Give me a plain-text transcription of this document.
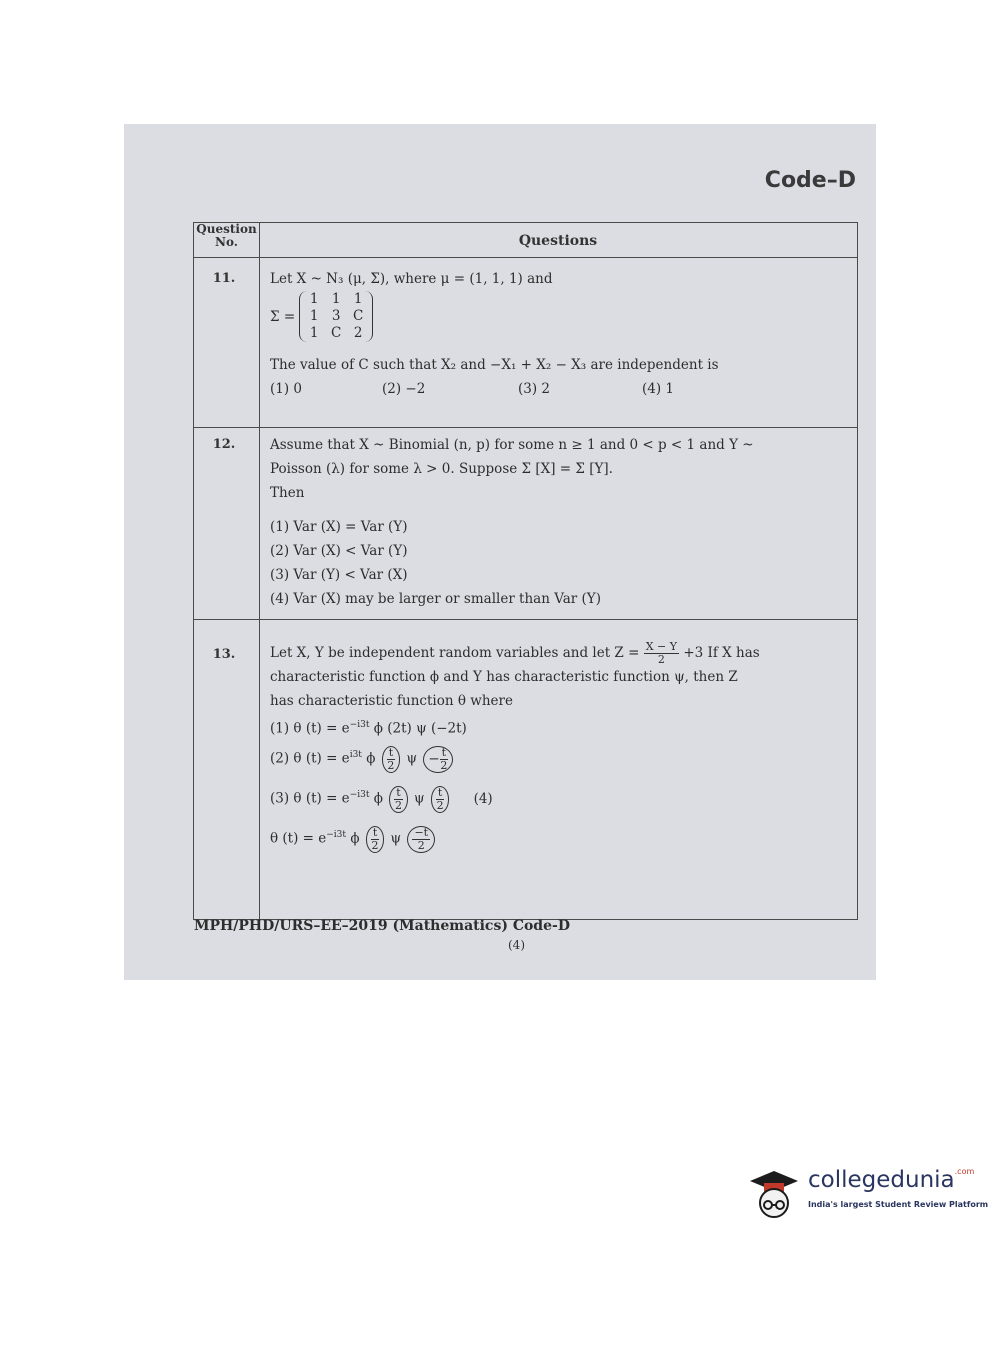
Code–D
Question No.	Questions
11.	Let X ~ N₃ (μ, Σ), where μ = (1, 1, 1) and
Σ =
1 1 1
1 3 C
1 C 2
The value of C such that X₂ and −X₁ + X₂ − X₃ are independent is
(1) 0	(2) −2	(3) 2	(4) 1
12.	Assume that X ~ Binomial (n, p) for some n ≥ 1 and 0 < p < 1 and Y ~
Poisson (λ) for some λ > 0. Suppose Σ [X] = Σ [Y].
Then
(1) Var (X) = Var (Y)
(2) Var (X) < Var (Y)
(3) Var (Y) < Var (X)
(4) Var (X) may be larger or smaller than Var (Y)
13.	Let X, Y be independent random variables and let $Z = \frac{X - Y}{2} +3$ If X has
characteristic function ϕ and Y has characteristic function ψ, then Z
has characteristic function θ where
(1) θ $(t) = e^{-i3t}$ ϕ (2t) ψ (−2t)
(2) θ $(t) = e^{i3t}$ ϕ $\frac{t}{2}$ $\psi - \frac{t}{2}$
(3) θ $(t) = e^{-i3t}$ ϕ $\frac{t}{2}$ ψ $\frac{t}{2} (4)$
θ $(t) = e^{-i3t}$ ϕ $\frac{t}{2}$ ψ $\frac{-t}{2}$
MPH/PHD/URS–EE–2019 (Mathematics) Code-D
(4)
collegedunia$^{.com}$
India's largest Student Review Platform
